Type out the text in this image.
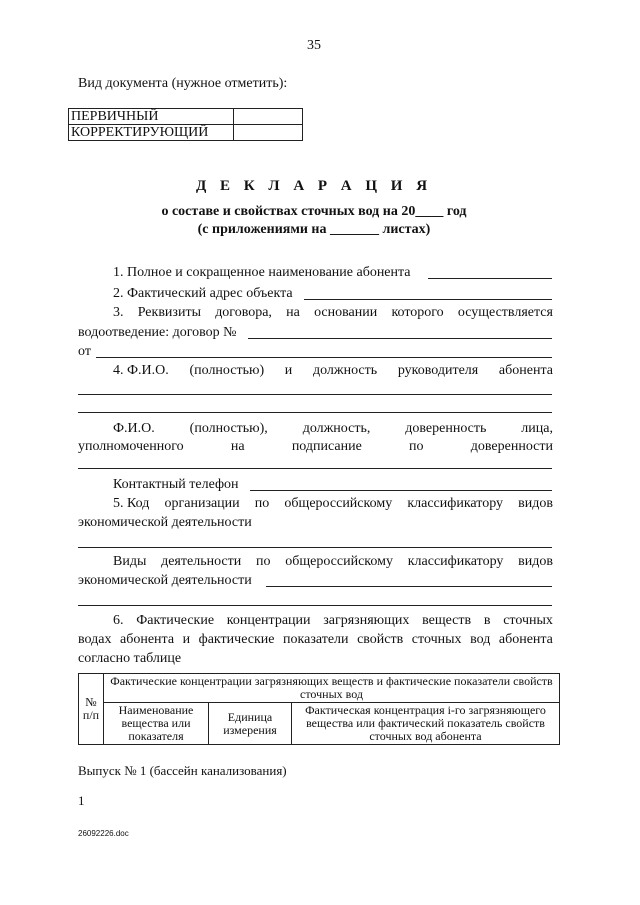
35
Вид документа (нужное отметить):
ПЕРВИЧНЫЙ	
КОРРЕКТИРУЮЩИЙ	
Д Е К Л А Р А Ц И Я
о составе и свойствах сточных вод на 20____ год
(с приложениями на _______ листах)
1. Полное и сокращенное наименование абонента
2. Фактический адрес объекта
3. Реквизиты договора, на основании которого осуществляется
водоотведение: договор №
от
4. Ф.И.О. (полностью) и должность руководителя абонента
Ф.И.О. (полностью), должность, доверенность лица,
уполномоченного	на	подписание	по	доверенности
Контактный телефон
5. Код организации по общероссийскому классификатору видов
экономической деятельности
Виды деятельности по общероссийскому классификатору видов
экономической деятельности
6. Фактические концентрации загрязняющих веществ в сточных
водах абонента и фактические показатели свойств сточных вод абонента
согласно таблице
№ п/п	Фактические концентрации загрязняющих веществ и фактические показатели свойств сточных вод		
	Наименование вещества или показателя	Единица измерения	Фактическая концентрация i-го загрязняющего вещества или фактический показатель свойств сточных вод абонента
Выпуск № 1 (бассейн канализования)
1
26092226.doc
